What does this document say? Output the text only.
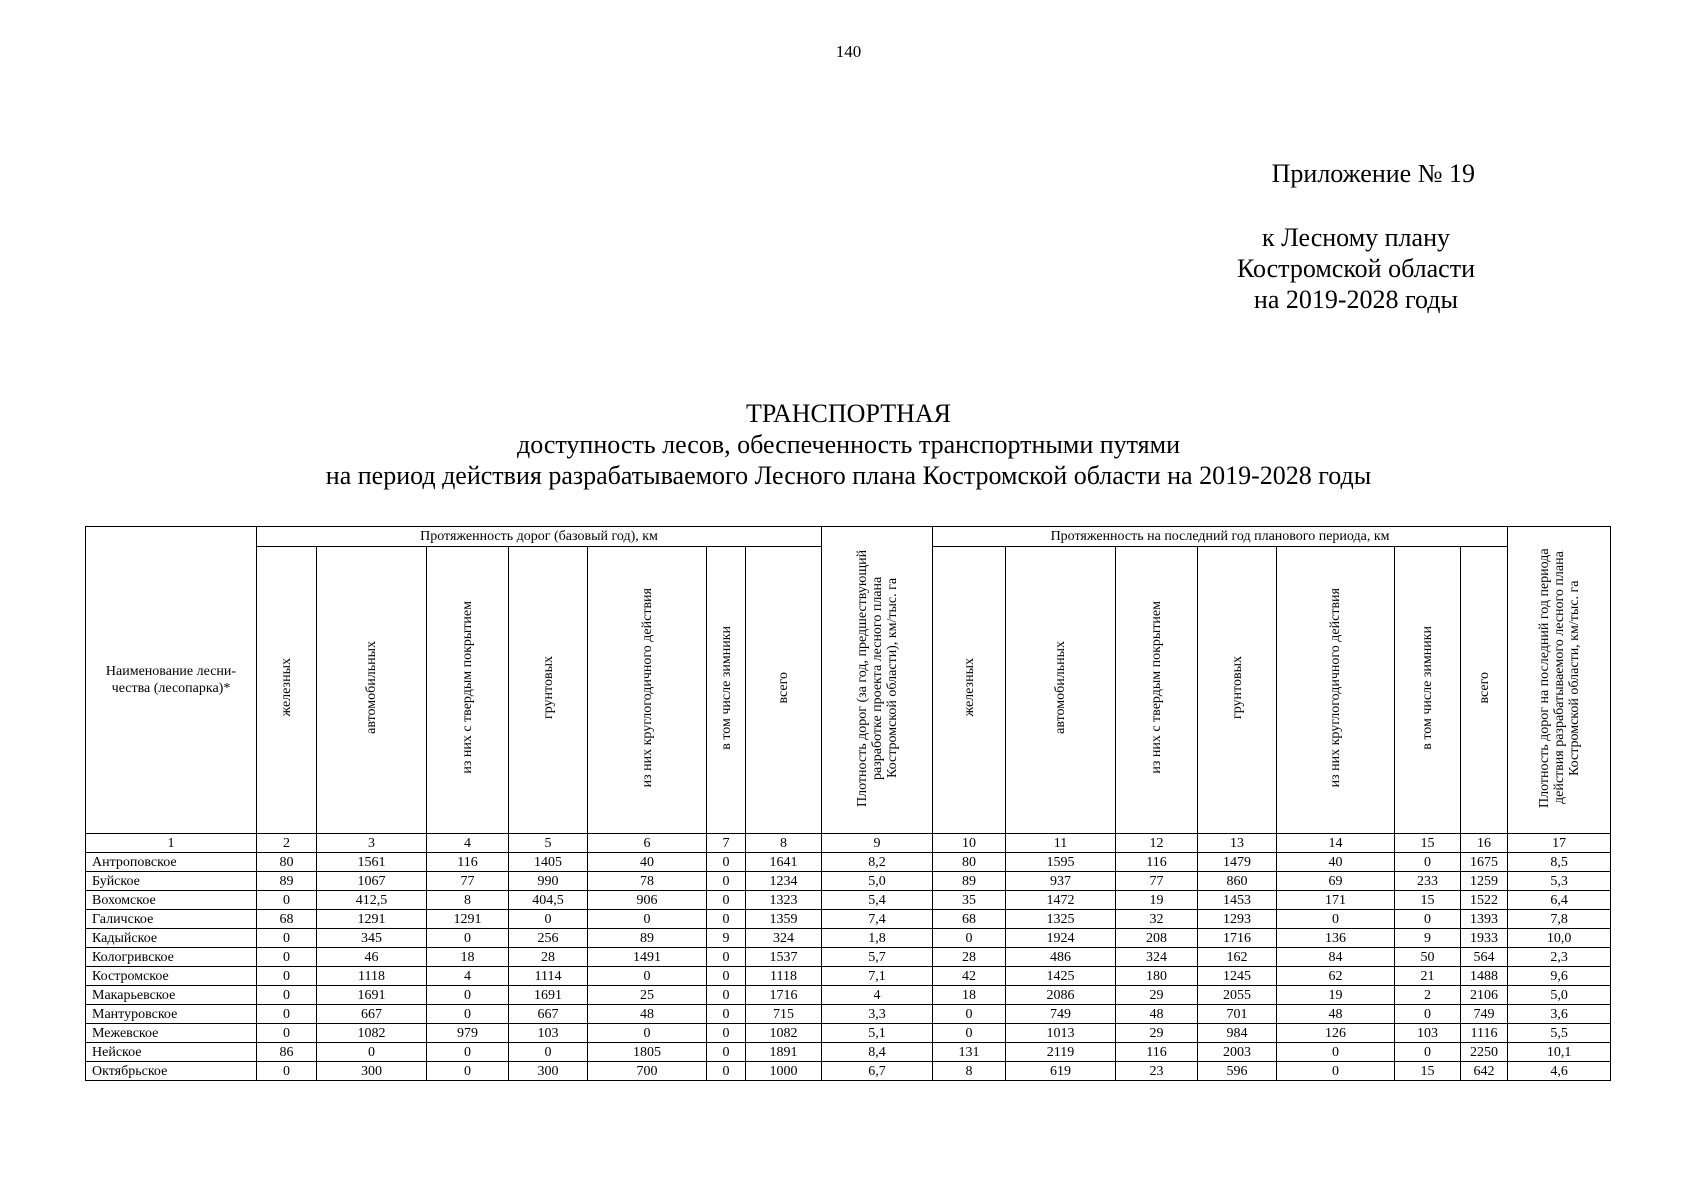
140
Приложение № 19
к Лесному плану
Костромской области
на 2019-2028 годы
ТРАНСПОРТНАЯ
доступность лесов, обеспеченность транспортными путями
на период действия разрабатываемого Лесного плана Костромской области на 2019-2028 годы
Наименование лесни-чества (лесопарка)*	Протяженность дорог (базовый год), км							Плотность дорог (за год, предшествующий разработке проекта лесного плана Костромской области), км/тыс. га	Протяженность на последний год планового периода, км							Плотность дорог на последний год периода действия разрабатываемого лесного плана Костромской области, км/тыс. га
	железных	автомобильных	из них с твердым покрытием	грунтовых	из них круглогодичного действия	в том числе зимники	всего		железных	автомобильных	из них с твердым покрытием	грунтовых	из них круглогодичного действия	в том числе зимники	всего	
1	2	3	4	5	6	7	8	9	10	11	12	13	14	15	16	17
Антроповское	80	1561	116	1405	40	0	1641	8,2	80	1595	116	1479	40	0	1675	8,5
Буйское	89	1067	77	990	78	0	1234	5,0	89	937	77	860	69	233	1259	5,3
Вохомское	0	412,5	8	404,5	906	0	1323	5,4	35	1472	19	1453	171	15	1522	6,4
Галичское	68	1291	1291	0	0	0	1359	7,4	68	1325	32	1293	0	0	1393	7,8
Кадыйское	0	345	0	256	89	9	324	1,8	0	1924	208	1716	136	9	1933	10,0
Кологривское	0	46	18	28	1491	0	1537	5,7	28	486	324	162	84	50	564	2,3
Костромское	0	1118	4	1114	0	0	1118	7,1	42	1425	180	1245	62	21	1488	9,6
Макарьевское	0	1691	0	1691	25	0	1716	4	18	2086	29	2055	19	2	2106	5,0
Мантуровское	0	667	0	667	48	0	715	3,3	0	749	48	701	48	0	749	3,6
Межевское	0	1082	979	103	0	0	1082	5,1	0	1013	29	984	126	103	1116	5,5
Нейское	86	0	0	0	1805	0	1891	8,4	131	2119	116	2003	0	0	2250	10,1
Октябрьское	0	300	0	300	700	0	1000	6,7	8	619	23	596	0	15	642	4,6
